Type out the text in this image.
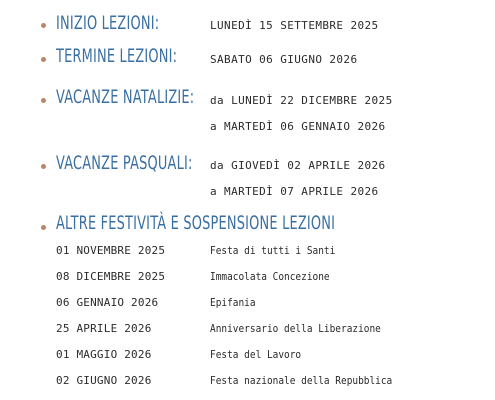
INIZIO LEZIONI:	LUNEDÌ 15 SETTEMBRE 2025
TERMINE LEZIONI:	SABATO 06 GIUGNO 2026
VACANZE NATALIZIE: da LUNEDÌ 22 DICEMBRE 2025
a MARTEDÌ 06 GENNAIO 2026
VACANZE PASQUALI: da GIOVEDÌ 02 APRILE 2026
a MARTEDÌ 07 APRILE 2026
ALTRE FESTIVITÀ E SOSPENSIONE LEZIONI
01 NOVEMBRE 2025	Festa di tutti i Santi
08 DICEMBRE 2025	Immacolata Concezione
06 GENNAIO 2026	Epifania
25 APRILE 2026	Anniversario della Liberazione
01 MAGGIO 2026	Festa del Lavoro
02 GIUGNO 2026	Festa nazionale della Repubblica
